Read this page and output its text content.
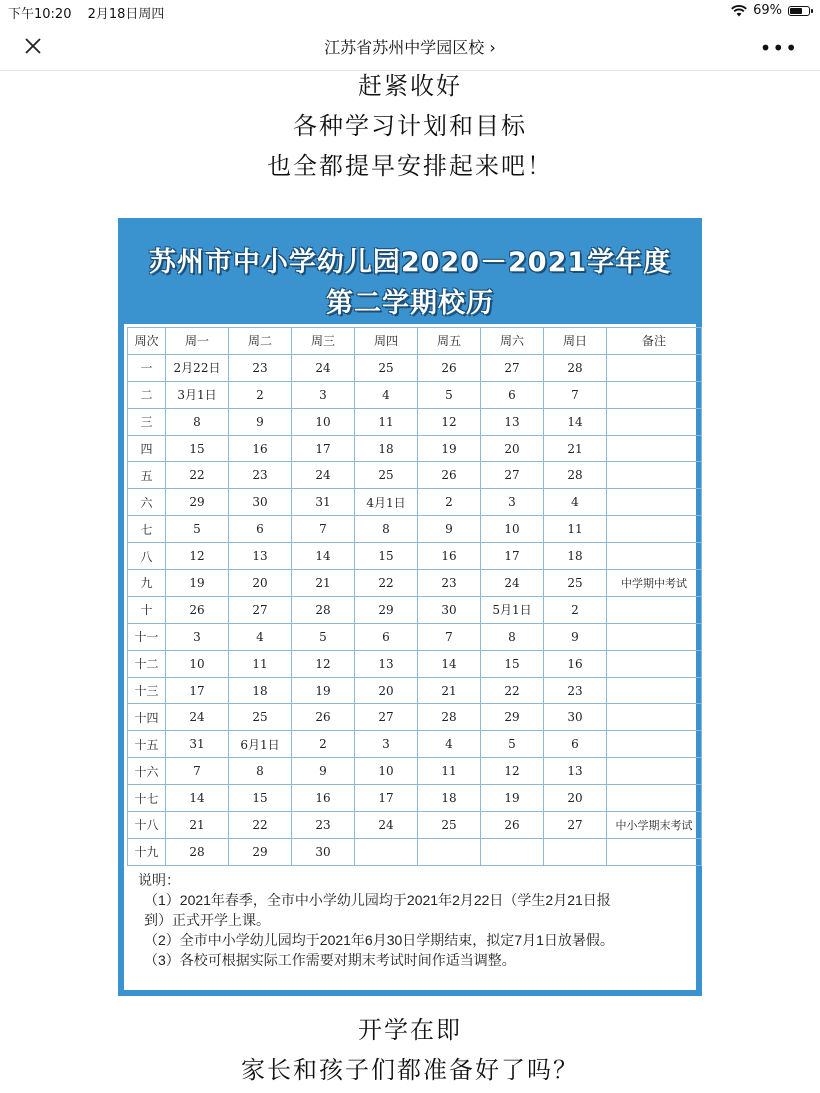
下午10:20 2月18日周四	69%
江苏省苏州中学园区校 ›	•••
赶紧收好
各种学习计划和目标
也全都提早安排起来吧！
苏州市中小学幼儿园2020－2021学年度
第二学期校历
周次	周一	周二	周三	周四	周五	周六	周日	备注
一	2月22日	23	24	25	26	27	28	
二	3月1日	2	3	4	5	6	7	
三	8	9	10	11	12	13	14	
四	15	16	17	18	19	20	21	
五	22	23	24	25	26	27	28	
六	29	30	31	4月1日	2	3	4	
七	5	6	7	8	9	10	11	
八	12	13	14	15	16	17	18	
九	19	20	21	22	23	24	25	中学期中考试
十	26	27	28	29	30	5月1日	2	
十一	3	4	5	6	7	8	9	
十二	10	11	12	13	14	15	16	
十三	17	18	19	20	21	22	23	
十四	24	25	26	27	28	29	30	
十五	31	6月1日	2	3	4	5	6	
十六	7	8	9	10	11	12	13	
十七	14	15	16	17	18	19	20	
十八	21	22	23	24	25	26	27	中小学期末考试
十九	28	29	30					
说明：
（1）2021年春季，全市中小学幼儿园均于2021年2月22日（学生2月21日报
到）正式开学上课。
（2）全市中小学幼儿园均于2021年6月30日学期结束，拟定7月1日放暑假。
（3）各校可根据实际工作需要对期末考试时间作适当调整。
开学在即
家长和孩子们都准备好了吗？
